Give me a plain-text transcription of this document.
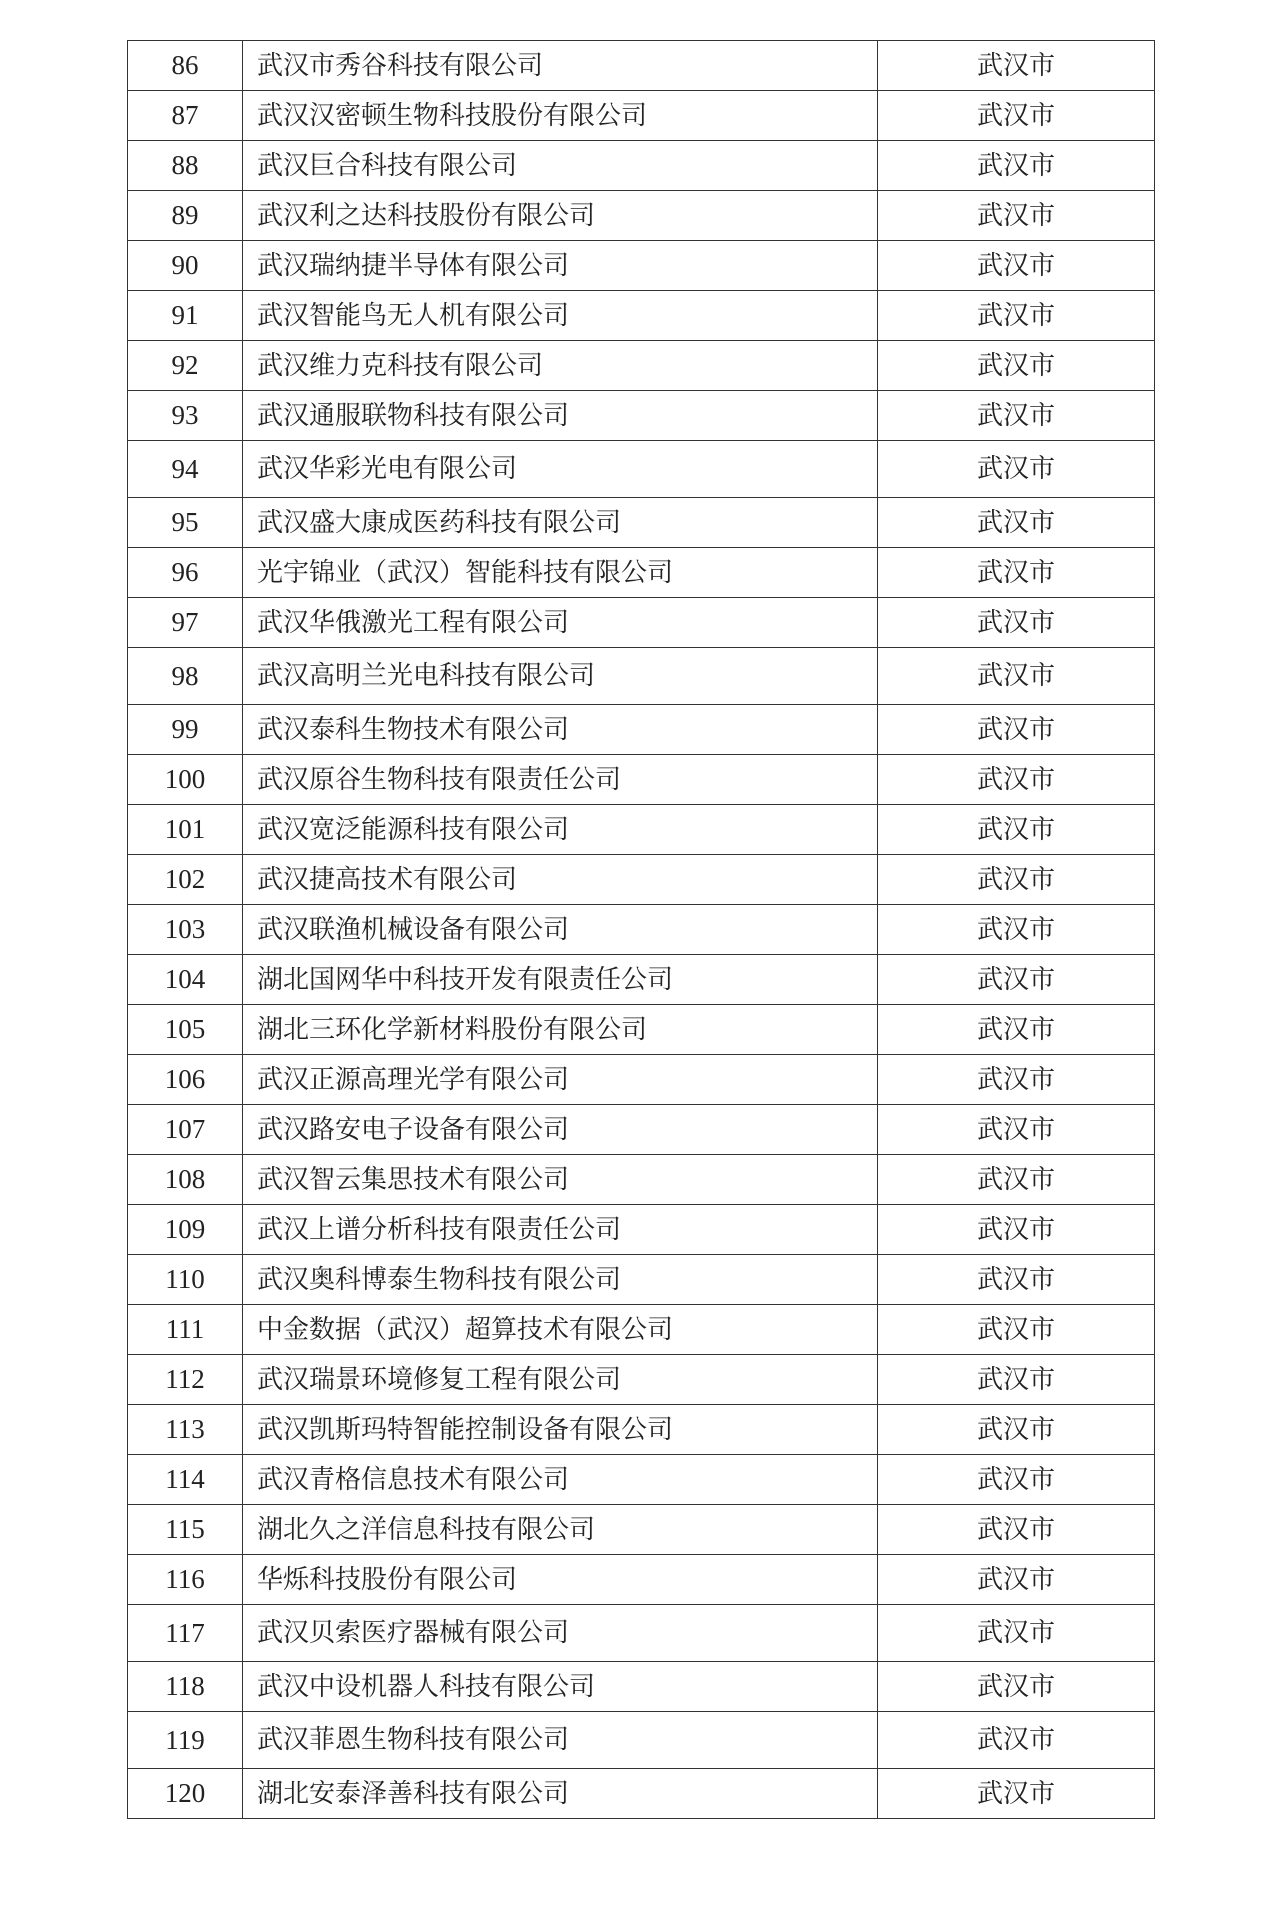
86	武汉市秀谷科技有限公司	武汉市
87	武汉汉密顿生物科技股份有限公司	武汉市
88	武汉巨合科技有限公司	武汉市
89	武汉利之达科技股份有限公司	武汉市
90	武汉瑞纳捷半导体有限公司	武汉市
91	武汉智能鸟无人机有限公司	武汉市
92	武汉维力克科技有限公司	武汉市
93	武汉通服联物科技有限公司	武汉市
94	武汉华彩光电有限公司	武汉市
95	武汉盛大康成医药科技有限公司	武汉市
96	光宇锦业（武汉）智能科技有限公司	武汉市
97	武汉华俄激光工程有限公司	武汉市
98	武汉高明兰光电科技有限公司	武汉市
99	武汉泰科生物技术有限公司	武汉市
100	武汉原谷生物科技有限责任公司	武汉市
101	武汉宽泛能源科技有限公司	武汉市
102	武汉捷高技术有限公司	武汉市
103	武汉联渔机械设备有限公司	武汉市
104	湖北国网华中科技开发有限责任公司	武汉市
105	湖北三环化学新材料股份有限公司	武汉市
106	武汉正源高理光学有限公司	武汉市
107	武汉路安电子设备有限公司	武汉市
108	武汉智云集思技术有限公司	武汉市
109	武汉上谱分析科技有限责任公司	武汉市
110	武汉奥科博泰生物科技有限公司	武汉市
111	中金数据（武汉）超算技术有限公司	武汉市
112	武汉瑞景环境修复工程有限公司	武汉市
113	武汉凯斯玛特智能控制设备有限公司	武汉市
114	武汉青格信息技术有限公司	武汉市
115	湖北久之洋信息科技有限公司	武汉市
116	华烁科技股份有限公司	武汉市
117	武汉贝索医疗器械有限公司	武汉市
118	武汉中设机器人科技有限公司	武汉市
119	武汉菲恩生物科技有限公司	武汉市
120	湖北安泰泽善科技有限公司	武汉市
